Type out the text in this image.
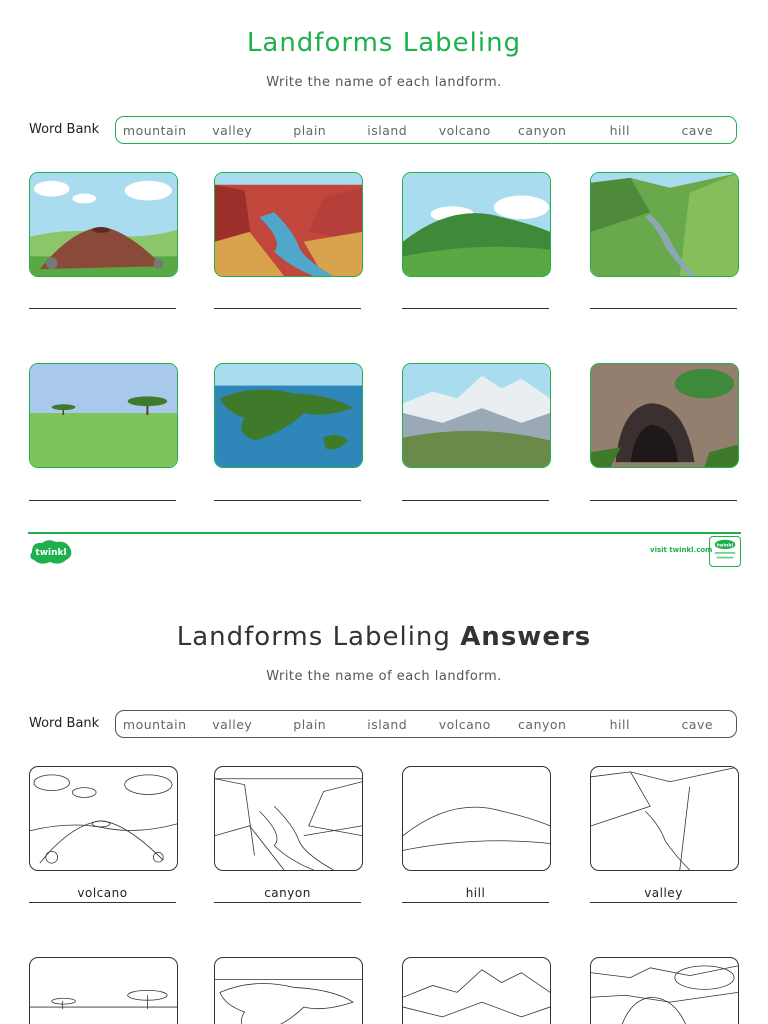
Landforms Labeling
Write the name of each landform.
Word Bank	mountain	valley	plain	island	volcano	canyon	hill	cave
twinkl	visit twinkl.com
twinkl
Landforms Labeling Answers
Write the name of each landform.
Word Bank	mountain	valley	plain	island	volcano	canyon	hill	cave
volcano	canyon	hill	valley
